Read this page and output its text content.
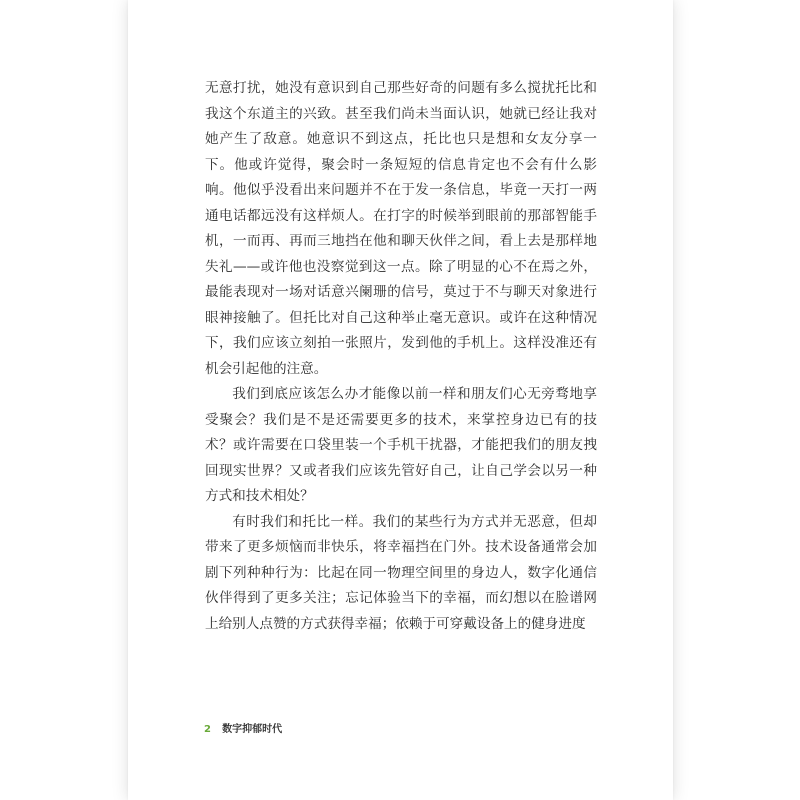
无意打扰，她没有意识到自己那些好奇的问题有多么搅扰托比和我这个东道主的兴致。甚至我们尚未当面认识，她就已经让我对她产生了敌意。她意识不到这点，托比也只是想和女友分享一下。他或许觉得，聚会时一条短短的信息肯定也不会有什么影响。他似乎没看出来问题并不在于发一条信息，毕竟一天打一两通电话都远没有这样烦人。在打字的时候举到眼前的那部智能手机，一而再、再而三地挡在他和聊天伙伴之间，看上去是那样地失礼——或许他也没察觉到这一点。除了明显的心不在焉之外，最能表现对一场对话意兴阑珊的信号，莫过于不与聊天对象进行眼神接触了。但托比对自己这种举止毫无意识。或许在这种情况下，我们应该立刻拍一张照片，发到他的手机上。这样没准还有机会引起他的注意。

我们到底应该怎么办才能像以前一样和朋友们心无旁骛地享受聚会？我们是不是还需要更多的技术，来掌控身边已有的技术？或许需要在口袋里装一个手机干扰器，才能把我们的朋友拽回现实世界？又或者我们应该先管好自己，让自己学会以另一种方式和技术相处？

有时我们和托比一样。我们的某些行为方式并无恶意，但却带来了更多烦恼而非快乐，将幸福挡在门外。技术设备通常会加剧下列种种行为：比起在同一物理空间里的身边人，数字化通信伙伴得到了更多关注；忘记体验当下的幸福，而幻想以在脸谱网上给别人点赞的方式获得幸福；依赖于可穿戴设备上的健身进度

2 数字抑郁时代
